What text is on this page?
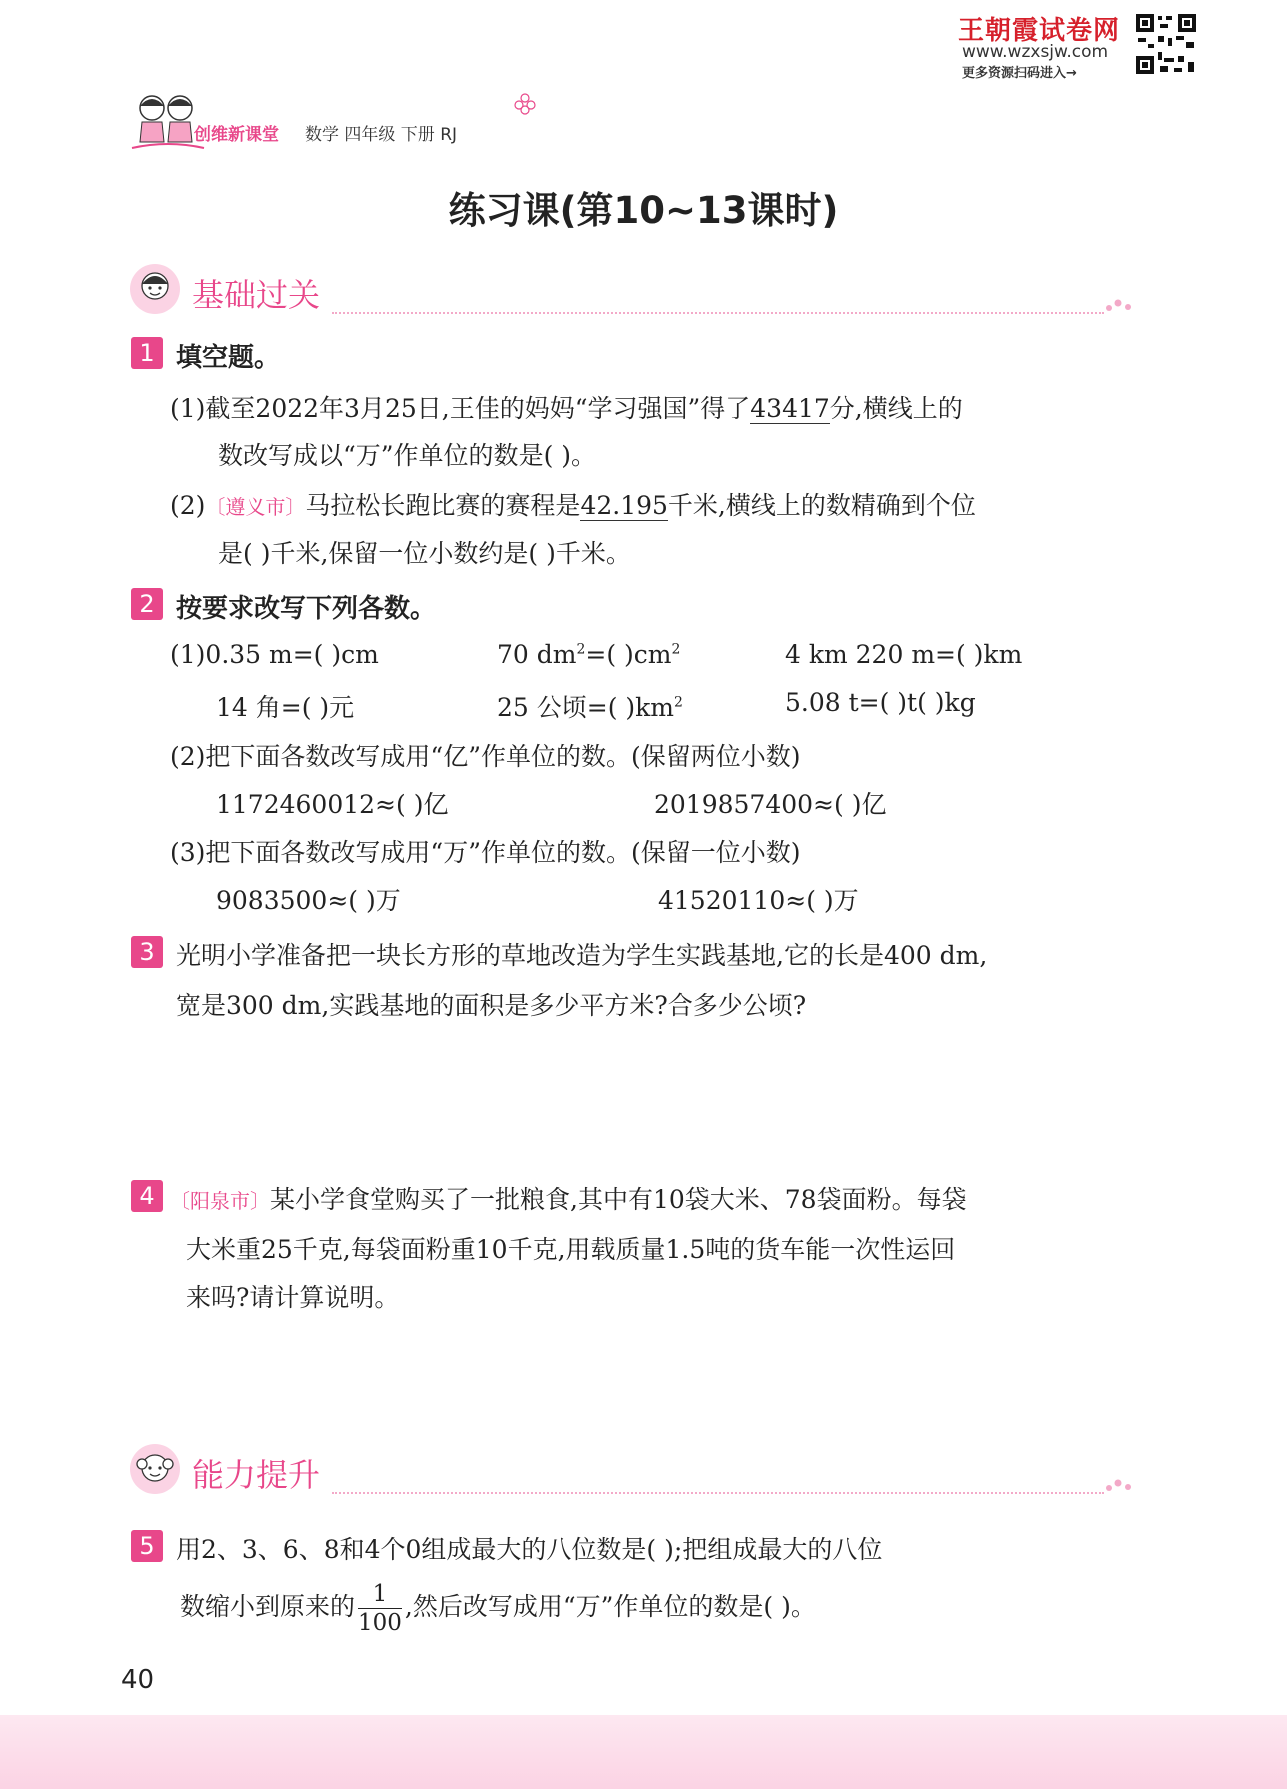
王朝霞试卷网
www.wzxsjw.com
更多资源扫码进入→
创维新课堂 数学 四年级 下册 RJ
练习课(第10~13课时)
基础过关
1 填空题。
(1)截至2022年3月25日,王佳的妈妈“学习强国”得了43417分,横线上的
数改写成以“万”作单位的数是( )。
(2)〔遵义市〕马拉松长跑比赛的赛程是42.195千米,横线上的数精确到个位
是( )千米,保留一位小数约是( )千米。
2 按要求改写下列各数。
(1)0.35 m=( )cm	70 $dm^2=$( )$cm^2$	4 km 220 m=( )km
14 角=( )元	25 公顷=( )$km^2$	5.08 t=( )t( )kg
(2)把下面各数改写成用“亿”作单位的数。(保留两位小数)
1172460012≈( )亿	2019857400≈( )亿
(3)把下面各数改写成用“万”作单位的数。(保留一位小数)
9083500≈( )万	41520110≈( )万
3 光明小学准备把一块长方形的草地改造为学生实践基地,它的长是400 dm,
宽是300 dm,实践基地的面积是多少平方米?合多少公顷?
4 〔阳泉市〕某小学食堂购买了一批粮食,其中有10袋大米、78袋面粉。每袋
大米重25千克,每袋面粉重10千克,用载质量1.5吨的货车能一次性运回
来吗?请计算说明。
能力提升
5 用2、3、6、8和4个0组成最大的八位数是( );把组成最大的八位
数缩小到原来的 $\frac{1}{100}$ ,然后改写成用“万”作单位的数是( )。
40
